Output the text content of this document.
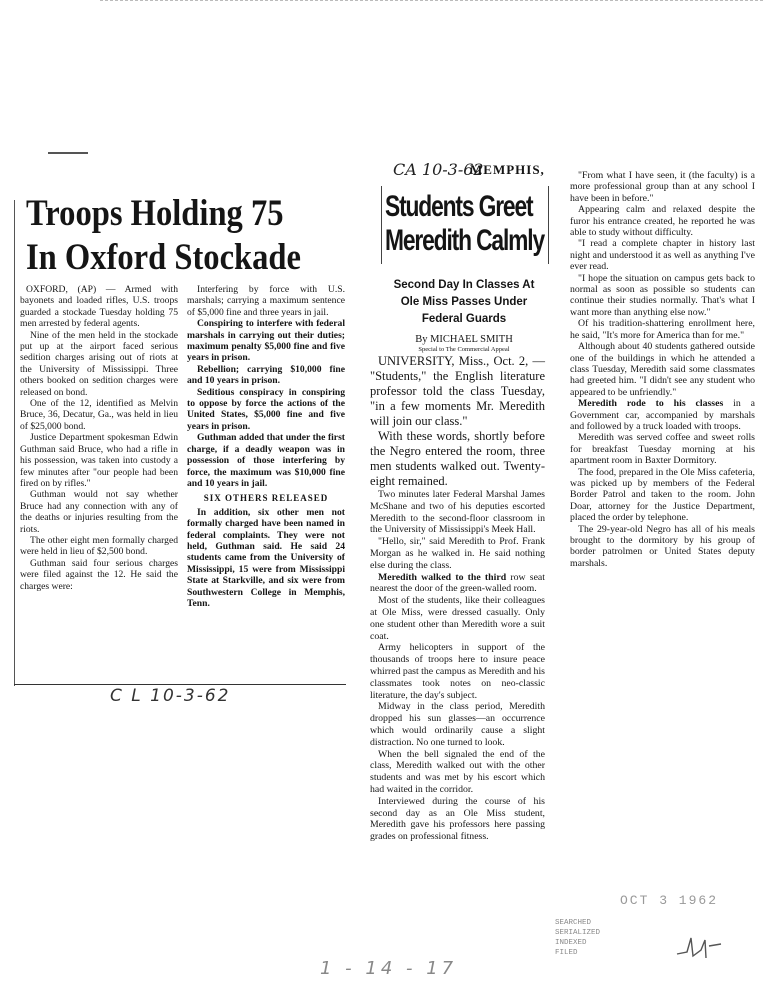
Troops Holding 75
In Oxford Stockade

OXFORD, (AP) — Armed with bayonets and loaded rifles, U.S. troops guarded a stockade Tuesday holding 75 men arrested by federal agents.

Nine of the men held in the stockade put up at the airport faced serious sedition charges arising out of riots at the University of Mississippi. Three others booked on sedition charges were released on bond.

One of the 12, identified as Melvin Bruce, 36, Decatur, Ga., was held in lieu of $25,000 bond.

Justice Department spokesman Edwin Guthman said Bruce, who had a rifle in his possession, was taken into custody a few minutes after "our people had been fired on by rifles."

Guthman would not say whether Bruce had any connection with any of the deaths or injuries resulting from the riots.

The other eight men formally charged were held in lieu of $2,500 bond.

Guthman said four serious charges were filed against the 12. He said the charges were:

Interfering by force with U.S. marshals; carrying a maximum sentence of $5,000 fine and three years in jail.

Conspiring to interfere with federal marshals in carrying out their duties; maximum penalty $5,000 fine and five years in prison.

Rebellion; carrying $10,000 fine and 10 years in prison.

Seditious conspiracy in conspiring to oppose by force the actions of the United States, $5,000 fine and five years in prison.

Guthman added that under the first charge, if a deadly weapon was in possession of those interfering by force, the maximum was $10,000 fine and 10 years in jail.

SIX OTHERS RELEASED

In addition, six other men not formally charged have been named in federal complaints. They were not held, Guthman said. He said 24 students came from the University of Mississippi, 15 were from Mississippi State at Starkville, and six were from Southwestern College in Memphis, Tenn.

C L 10-3-62
CA 10-3-62
MEMPHIS,
Students Greet
Meredith Calmly
Second Day In Classes At
Ole Miss Passes Under
Federal Guards
By MICHAEL SMITH
Special to The Commercial Appeal

UNIVERSITY, Miss., Oct. 2, — "Students," the English literature professor told the class Tuesday, "in a few moments Mr. Meredith will join our class."

With these words, shortly before the Negro entered the room, three men students walked out. Twenty-eight remained.

Two minutes later Federal Marshal James McShane and two of his deputies escorted Meredith to the second-floor classroom in the University of Mississippi's Meek Hall.

"Hello, sir," said Meredith to Prof. Frank Morgan as he walked in. He said nothing else during the class.

Meredith walked to the third row seat nearest the door of the green-walled room.

Most of the students, like their colleagues at Ole Miss, were dressed casually. Only one student other than Meredith wore a suit coat.

Army helicopters in support of the thousands of troops here to insure peace whirred past the campus as Meredith and his classmates took notes on neo-classic literature, the day's subject.

Midway in the class period, Meredith dropped his sun glasses—an occurrence which would ordinarily cause a slight distraction. No one turned to look.

When the bell signaled the end of the class, Meredith walked out with the other students and was met by his escort which had waited in the corridor.

Interviewed during the course of his second day as an Ole Miss student, Meredith gave his professors here passing grades on professional fitness.

"From what I have seen, it (the faculty) is a more professional group than at any school I have been in before."

Appearing calm and relaxed despite the furor his entrance created, he reported he was able to study without difficulty.

"I read a complete chapter in history last night and understood it as well as anything I've ever read.

"I hope the situation on campus gets back to normal as soon as possible so students can continue their studies normally. That's what I want more than anything else now."

Of his tradition-shattering enrollment here, he said, "It's more for America than for me."

Although about 40 students gathered outside one of the buildings in which he attended a class Tuesday, Meredith said some classmates had greeted him. "I didn't see any student who appeared to be unfriendly."

Meredith rode to his classes in a Government car, accompanied by marshals and followed by a truck loaded with troops.

Meredith was served coffee and sweet rolls for breakfast Tuesday morning at his apartment room in Baxter Dormitory.

The food, prepared in the Ole Miss cafeteria, was picked up by members of the Federal Border Patrol and taken to the room. John Doar, attorney for the Justice Department, placed the order by telephone.

The 29-year-old Negro has all of his meals brought to the dormitory by his group of border patrolmen or United States deputy marshals.

OCT 3 1962
SEARCHED
SERIALIZED
INDEXED
FILED
1 - 14 - 17
